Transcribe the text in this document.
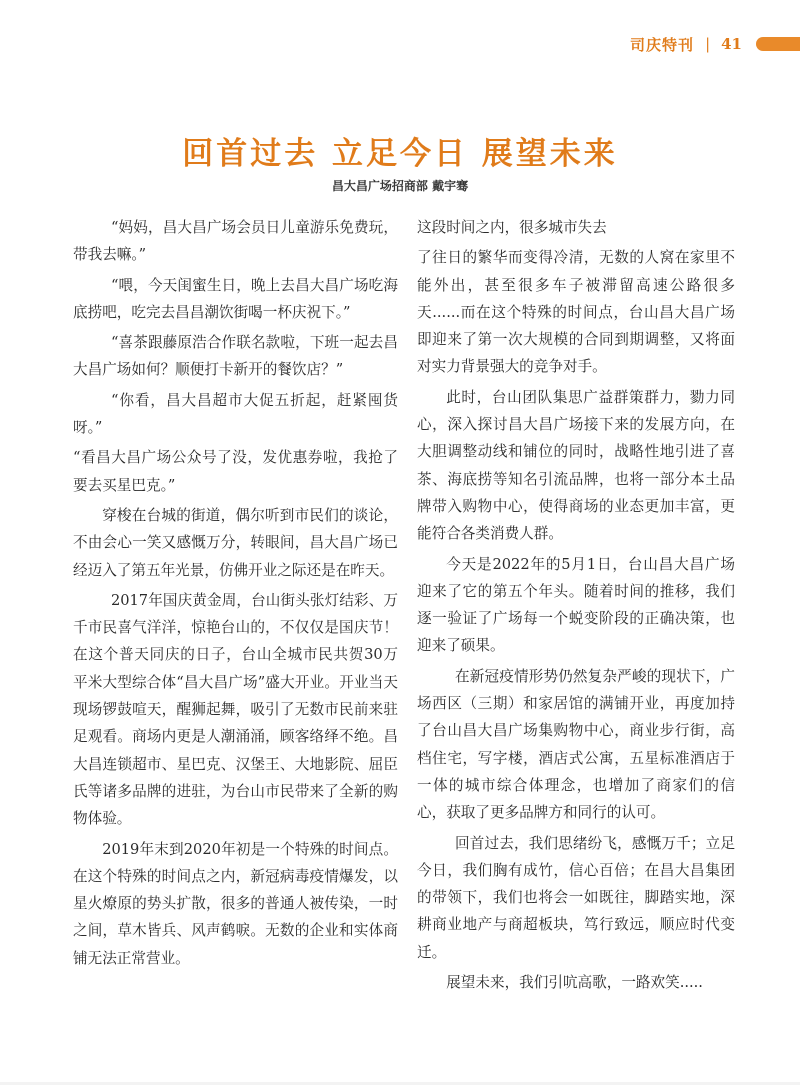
司庆特刊 | 41
回首过去 立足今日 展望未来
昌大昌广场招商部 戴宇骞

“妈妈，昌大昌广场会员日儿童游乐免费玩，带我去嘛。”

“喂，今天闺蜜生日，晚上去昌大昌广场吃海底捞吧，吃完去昌昌潮饮街喝一杯庆祝下。”

“喜茶跟藤原浩合作联名款啦，下班一起去昌大昌广场如何？顺便打卡新开的餐饮店？”

“你看，昌大昌超市大促五折起，赶紧囤货呀。”

“看昌大昌广场公众号了没，发优惠券啦，我抢了要去买星巴克。”

穿梭在台城的街道，偶尔听到市民们的谈论，不由会心一笑又感慨万分，转眼间，昌大昌广场已经迈入了第五年光景，仿佛开业之际还是在昨天。

2017年国庆黄金周，台山街头张灯结彩、万千市民喜气洋洋，惊艳台山的，不仅仅是国庆节！在这个普天同庆的日子，台山全城市民共贺30万平米大型综合体“昌大昌广场”盛大开业。开业当天现场锣鼓喧天，醒狮起舞，吸引了无数市民前来驻足观看。商场内更是人潮涌涌，顾客络绎不绝。昌大昌连锁超市、星巴克、汉堡王、大地影院、屈臣氏等诸多品牌的进驻，为台山市民带来了全新的购物体验。

2019年末到2020年初是一个特殊的时间点。在这个特殊的时间点之内，新冠病毒疫情爆发，以星火燎原的势头扩散，很多的普通人被传染，一时之间，草木皆兵、风声鹤唳。无数的企业和实体商铺无法正常营业。

这段时间之内，很多城市失去

了往日的繁华而变得冷清，无数的人窝在家里不能外出，甚至很多车子被滞留高速公路很多天......而在这个特殊的时间点，台山昌大昌广场即迎来了第一次大规模的合同到期调整，又将面对实力背景强大的竞争对手。

此时，台山团队集思广益群策群力，勠力同心，深入探讨昌大昌广场接下来的发展方向，在大胆调整动线和铺位的同时，战略性地引进了喜茶、海底捞等知名引流品牌，也将一部分本土品牌带入购物中心，使得商场的业态更加丰富，更能符合各类消费人群。

今天是2022年的5月1日，台山昌大昌广场迎来了它的第五个年头。随着时间的推移，我们逐一验证了广场每一个蜕变阶段的正确决策，也迎来了硕果。

在新冠疫情形势仍然复杂严峻的现状下，广场西区（三期）和家居馆的满铺开业，再度加持了台山昌大昌广场集购物中心，商业步行街，高档住宅，写字楼，酒店式公寓，五星标准酒店于一体的城市综合体理念，也增加了商家们的信心，获取了更多品牌方和同行的认可。

回首过去，我们思绪纷飞，感慨万千；立足今日，我们胸有成竹，信心百倍；在昌大昌集团的带领下，我们也将会一如既往，脚踏实地，深耕商业地产与商超板块，笃行致远，顺应时代变迁。

展望未来，我们引吭高歌，一路欢笑.....
